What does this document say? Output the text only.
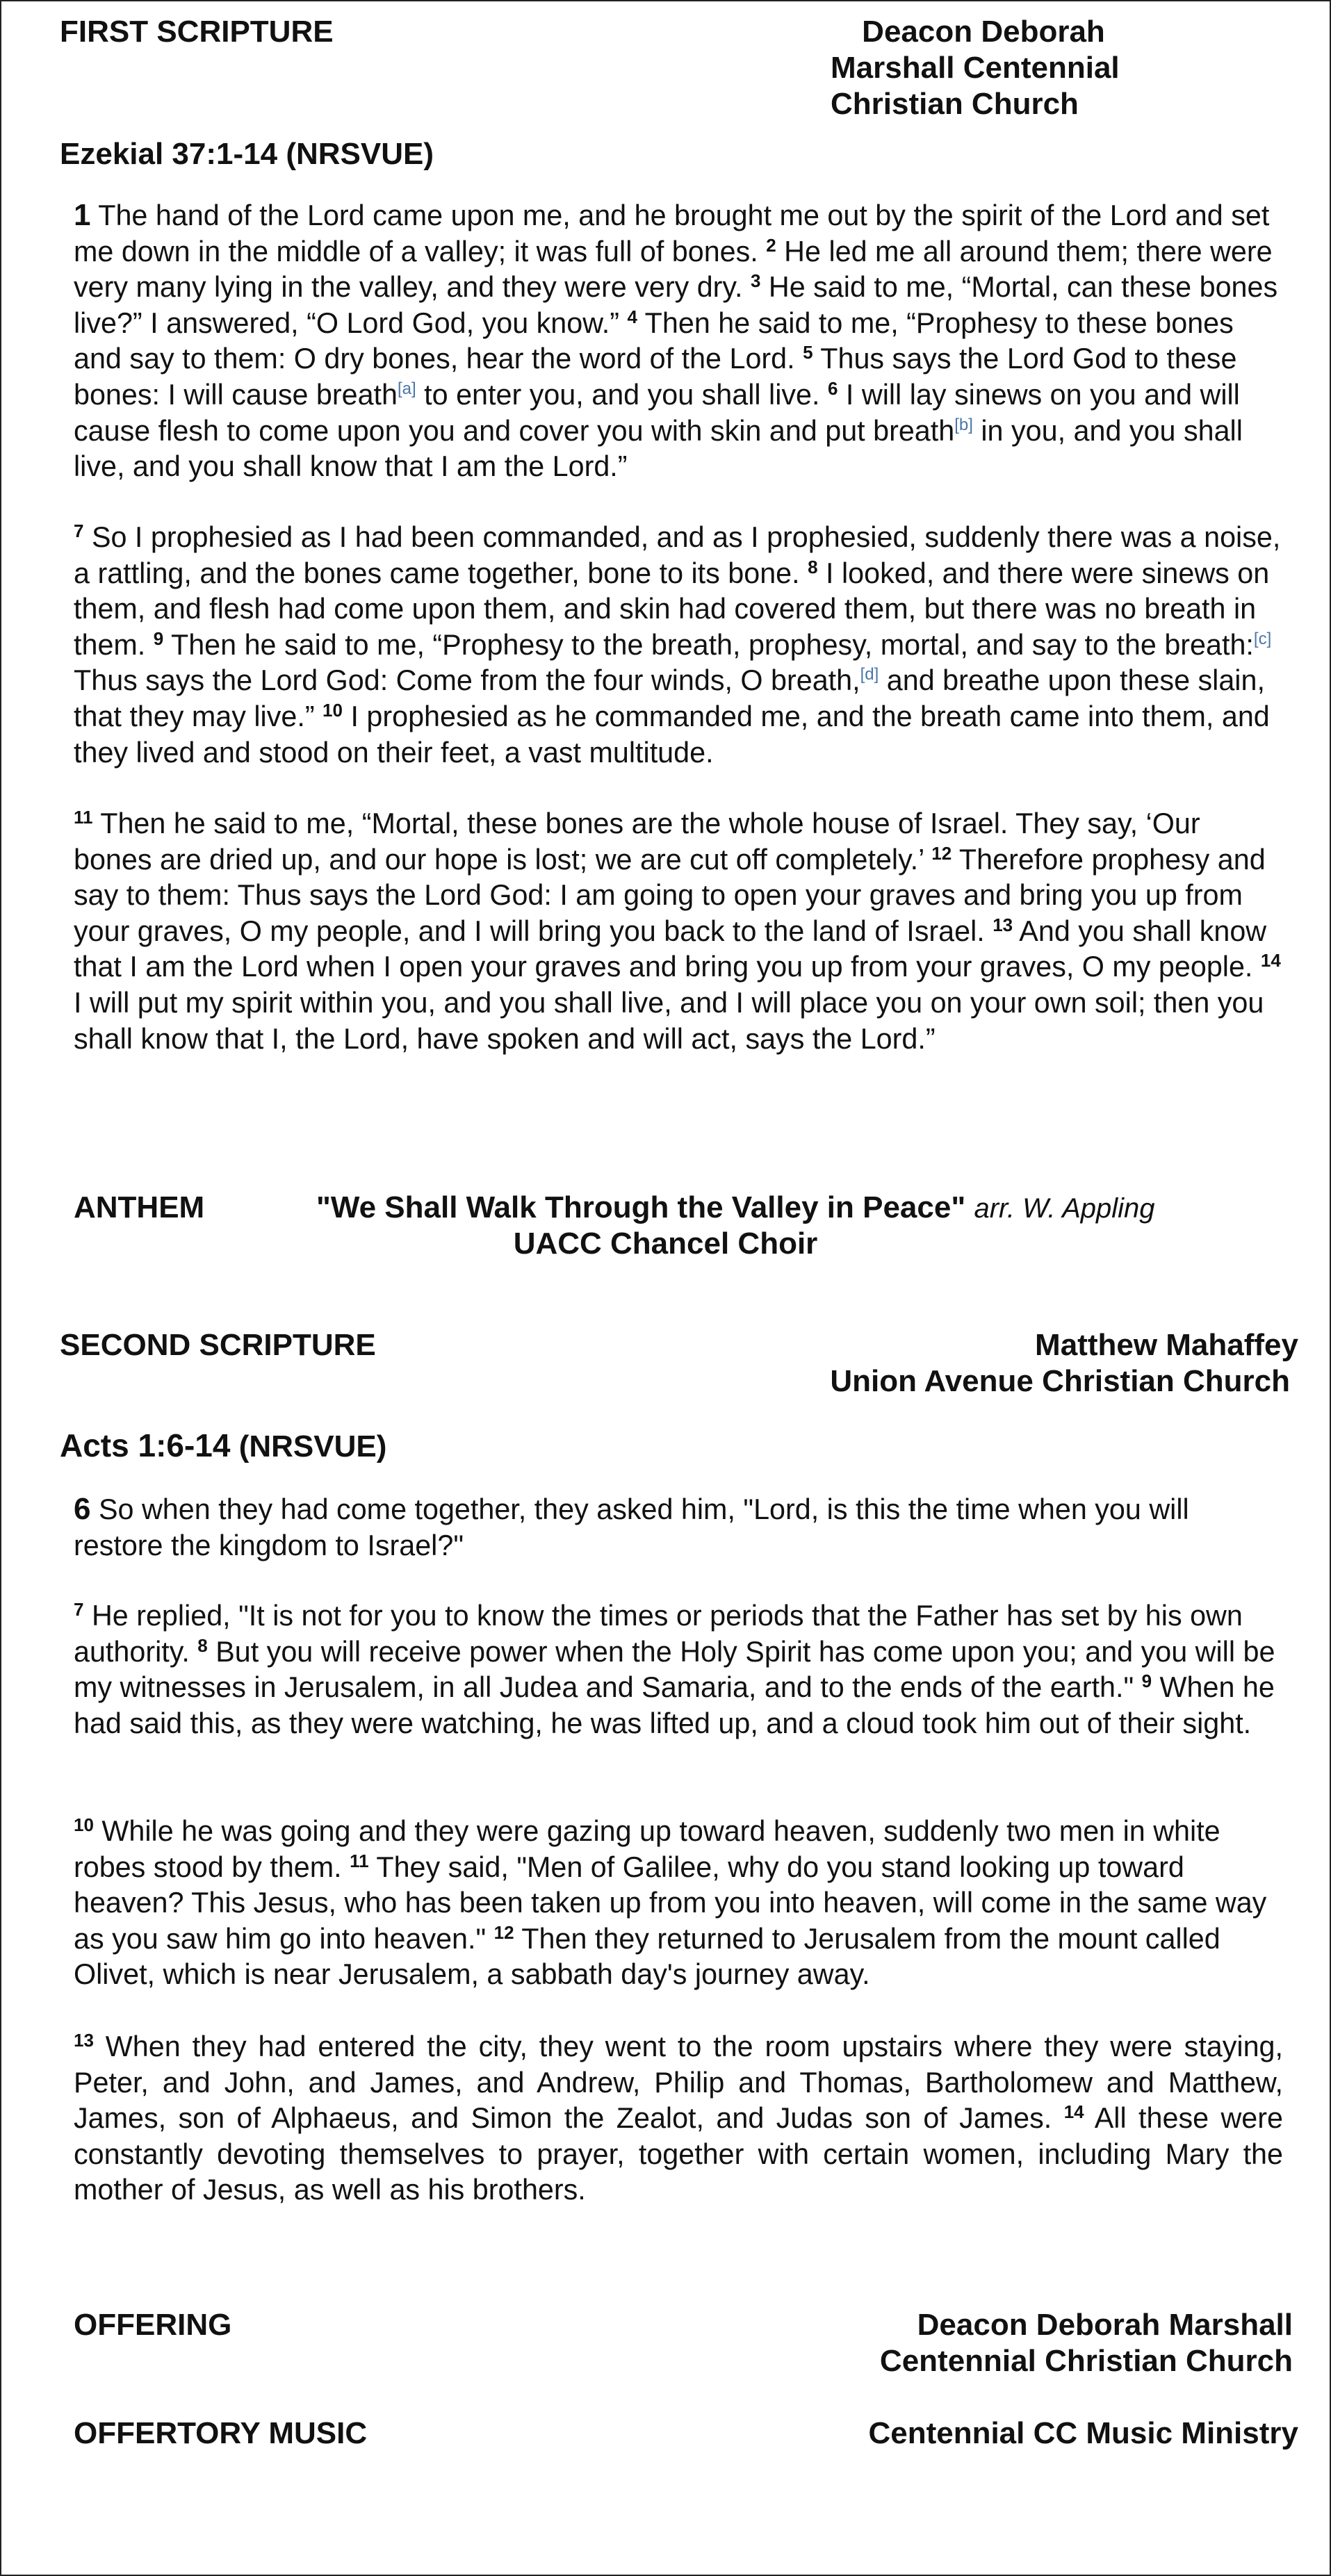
FIRST SCRIPTURE	Deacon Deborah
Marshall Centennial
Christian Church
Ezekial 37:1-14 (NRSVUE)
1 The hand of the Lord came upon me, and he brought me out by the spirit of the Lord and set me down in the middle of a valley; it was full of bones. $^2$ He led me all around them; there were very many lying in the valley, and they were very dry. $^3$ He said to me, “Mortal, can these bones live?” I answered, “O Lord God, you know.” $^4$ Then he said to me, “Prophesy to these bones and say to them: O dry bones, hear the word of the Lord. $^5$ Thus says the Lord God to these bones: I will cause breath[a] to enter you, and you shall live. $^6$ I will lay sinews on you and will cause flesh to come upon you and cover you with skin and put breath[b] in you, and you shall live, and you shall know that I am the Lord.”
$^7$ So I prophesied as I had been commanded, and as I prophesied, suddenly there was a noise, a rattling, and the bones came together, bone to its bone. $^8$ I looked, and there were sinews on them, and flesh had come upon them, and skin had covered them, but there was no breath in them. $^9$ Then he said to me, “Prophesy to the breath, prophesy, mortal, and say to the breath:[c] Thus says the Lord God: Come from the four winds, O breath,[d] and breathe upon these slain, that they may live.” $^{10}$ I prophesied as he commanded me, and the breath came into them, and they lived and stood on their feet, a vast multitude.
$^{11}$ Then he said to me, “Mortal, these bones are the whole house of Israel. They say, ‘Our bones are dried up, and our hope is lost; we are cut off completely.’ $^{12}$ Therefore prophesy and say to them: Thus says the Lord God: I am going to open your graves and bring you up from your graves, O my people, and I will bring you back to the land of Israel. $^{13}$ And you shall know that I am the Lord when I open your graves and bring you up from your graves, O my people. $^{14}$ I will put my spirit within you, and you shall live, and I will place you on your own soil; then you shall know that I, the Lord, have spoken and will act, says the Lord.”
ANTHEM	"We Shall Walk Through the Valley in Peace" arr. W. Appling
UACC Chancel Choir
SECOND SCRIPTURE	Matthew Mahaffey
Union Avenue Christian Church
Acts 1:6-14 (NRSVUE)
6 So when they had come together, they asked him, "Lord, is this the time when you will restore the kingdom to Israel?"
$^7$ He replied, "It is not for you to know the times or periods that the Father has set by his own authority. $^8$ But you will receive power when the Holy Spirit has come upon you; and you will be my witnesses in Jerusalem, in all Judea and Samaria, and to the ends of the earth." $^9$ When he had said this, as they were watching, he was lifted up, and a cloud took him out of their sight.
$^{10}$ While he was going and they were gazing up toward heaven, suddenly two men in white robes stood by them. $^{11}$ They said, "Men of Galilee, why do you stand looking up toward heaven? This Jesus, who has been taken up from you into heaven, will come in the same way as you saw him go into heaven." $^{12}$ Then they returned to Jerusalem from the mount called Olivet, which is near Jerusalem, a sabbath day's journey away.
$^{13}$ When they had entered the city, they went to the room upstairs where they were staying, Peter, and John, and James, and Andrew, Philip and Thomas, Bartholomew and Matthew, James, son of Alphaeus, and Simon the Zealot, and Judas son of James. $^{14}$ All these were constantly devoting themselves to prayer, together with certain women, including Mary the mother of Jesus, as well as his brothers.
OFFERING	Deacon Deborah Marshall
Centennial Christian Church
OFFERTORY MUSIC	Centennial CC Music Ministry
